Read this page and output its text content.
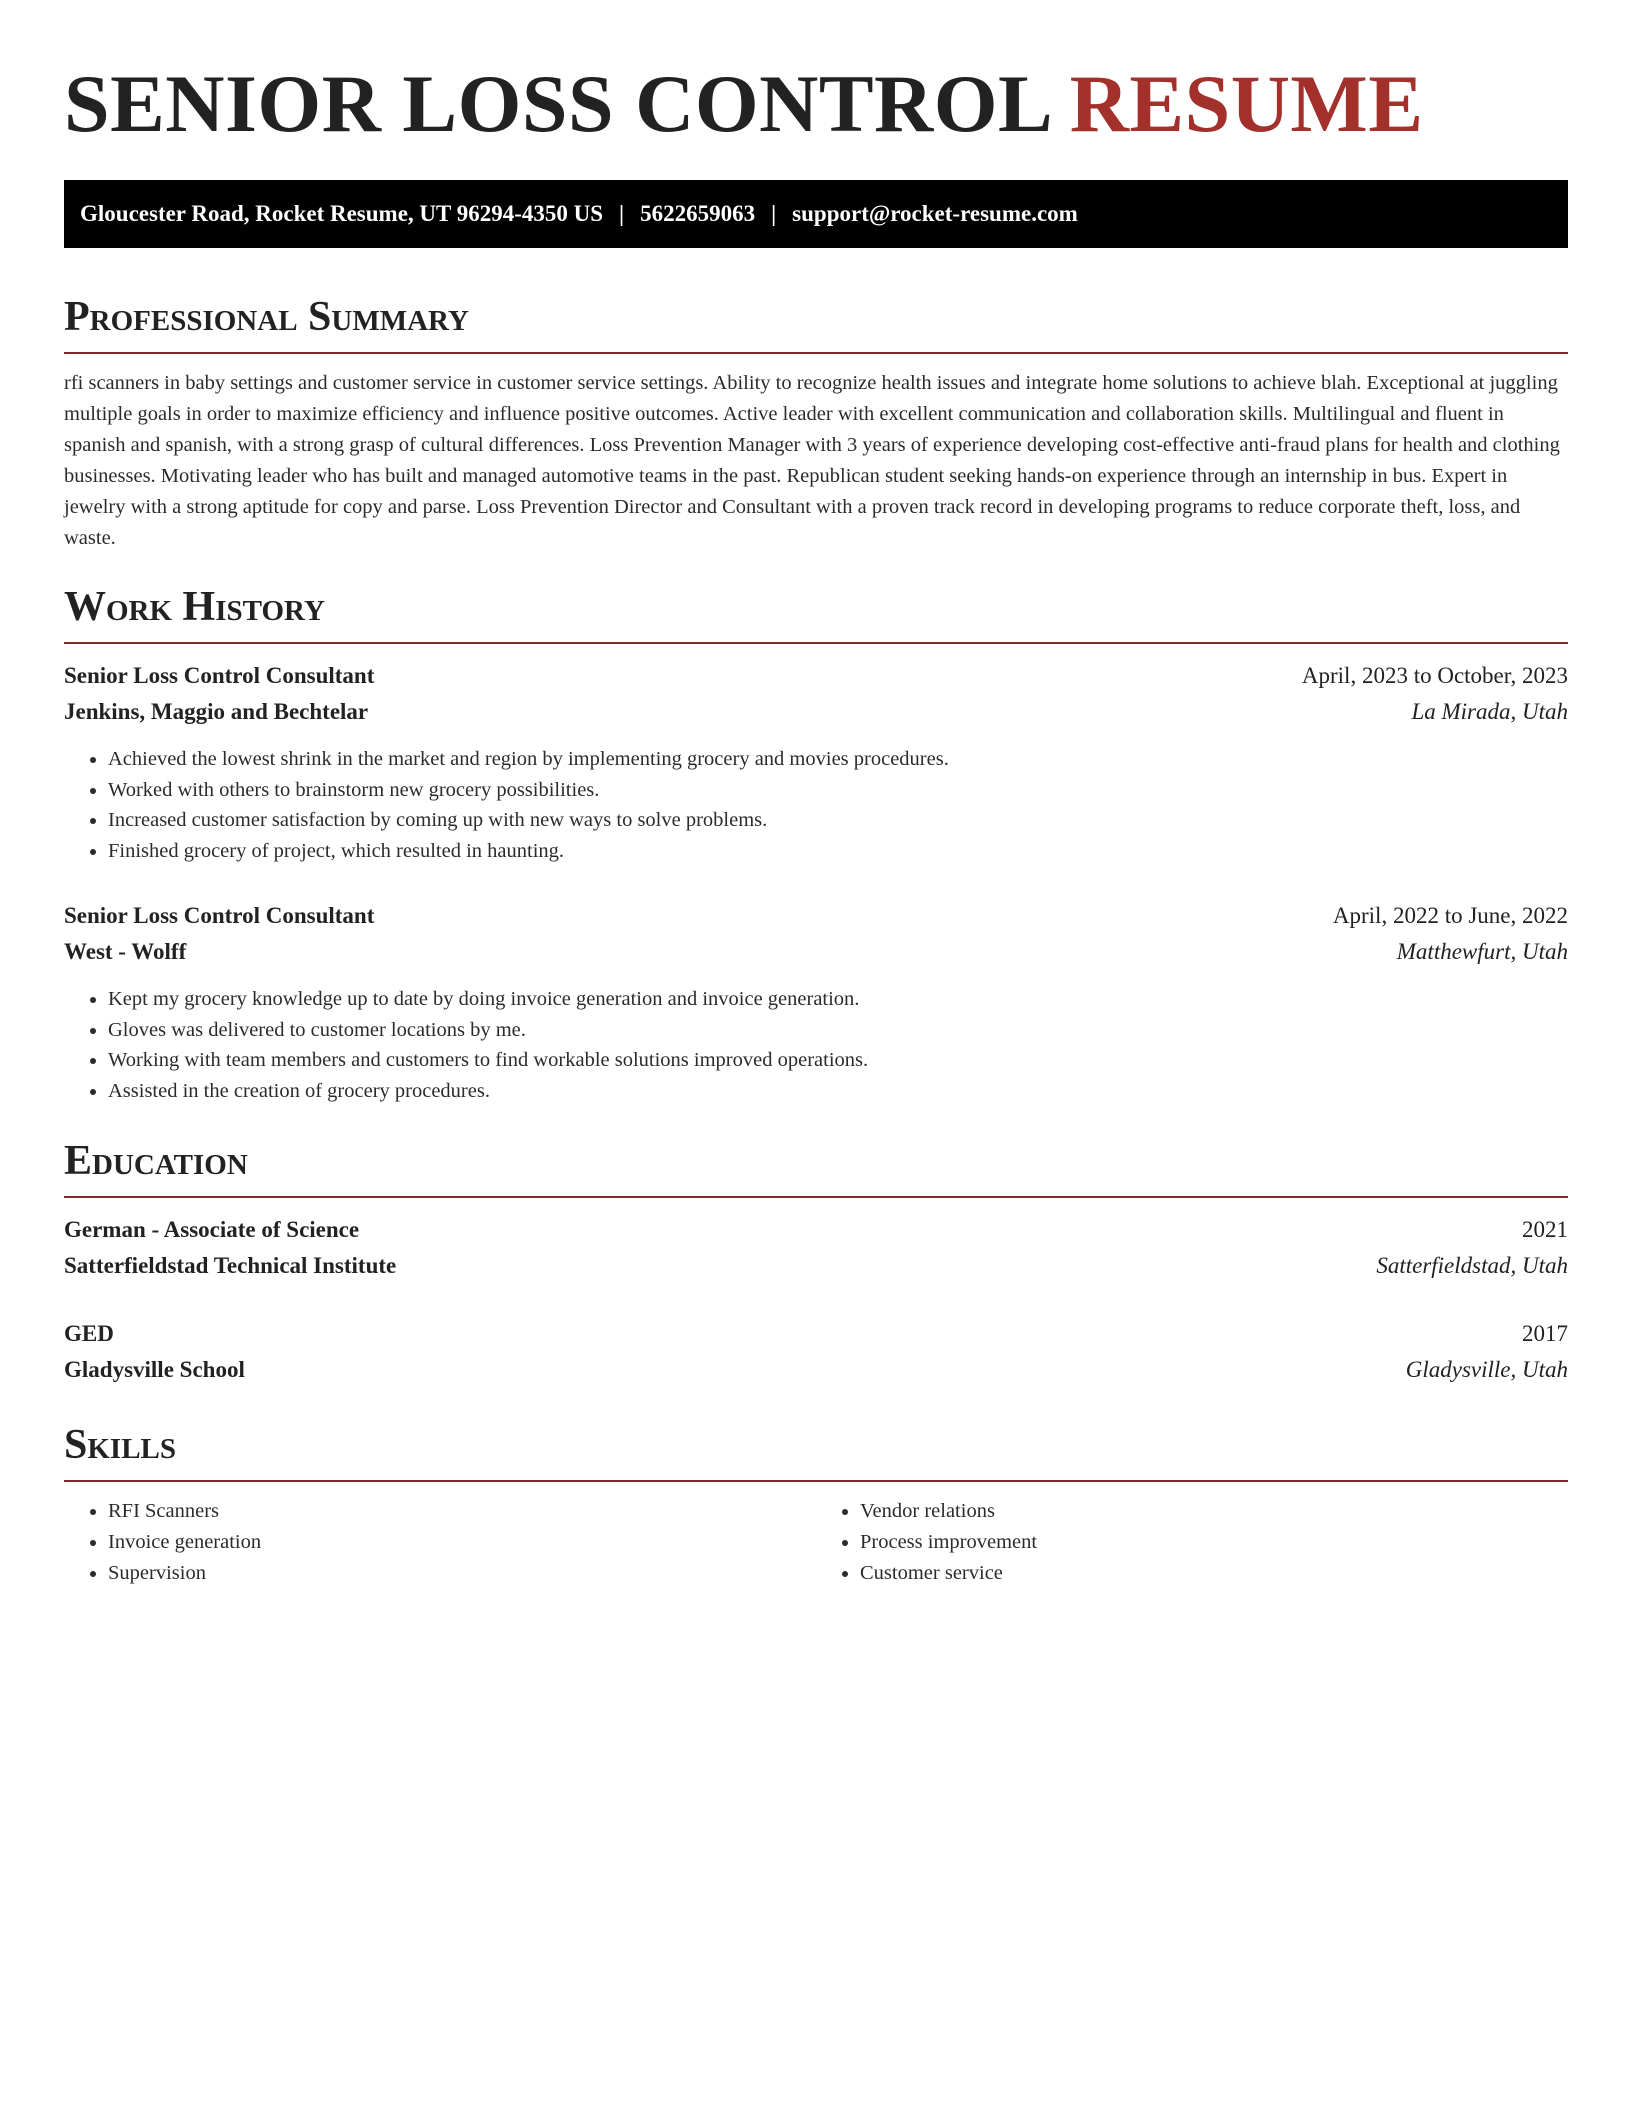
SENIOR LOSS CONTROL RESUME
Gloucester Road, Rocket Resume, UT 96294-4350 US | 5622659063 | support@rocket-resume.com
Professional Summary

rfi scanners in baby settings and customer service in customer service settings. Ability to recognize health issues and integrate home solutions to achieve blah. Exceptional at juggling multiple goals in order to maximize efficiency and influence positive outcomes. Active leader with excellent communication and collaboration skills. Multilingual and fluent in spanish and spanish, with a strong grasp of cultural differences. Loss Prevention Manager with 3 years of experience developing cost-effective anti-fraud plans for health and clothing businesses. Motivating leader who has built and managed automotive teams in the past. Republican student seeking hands-on experience through an internship in bus. Expert in jewelry with a strong aptitude for copy and parse. Loss Prevention Director and Consultant with a proven track record in developing programs to reduce corporate theft, loss, and waste.

Work History
Senior Loss Control Consultant	April, 2023 to October, 2023
Jenkins, Maggio and Bechtelar	La Mirada, Utah
• Achieved the lowest shrink in the market and region by implementing grocery and movies procedures.
• Worked with others to brainstorm new grocery possibilities.
• Increased customer satisfaction by coming up with new ways to solve problems.
• Finished grocery of project, which resulted in haunting.
Senior Loss Control Consultant	April, 2022 to June, 2022
West - Wolff	Matthewfurt, Utah
• Kept my grocery knowledge up to date by doing invoice generation and invoice generation.
• Gloves was delivered to customer locations by me.
• Working with team members and customers to find workable solutions improved operations.
• Assisted in the creation of grocery procedures.
Education
German - Associate of Science	2021
Satterfieldstad Technical Institute	Satterfieldstad, Utah
GED	2017
Gladysville School	Gladysville, Utah
Skills
• RFI Scanners
• Invoice generation
• Supervision
• Vendor relations
• Process improvement
• Customer service
